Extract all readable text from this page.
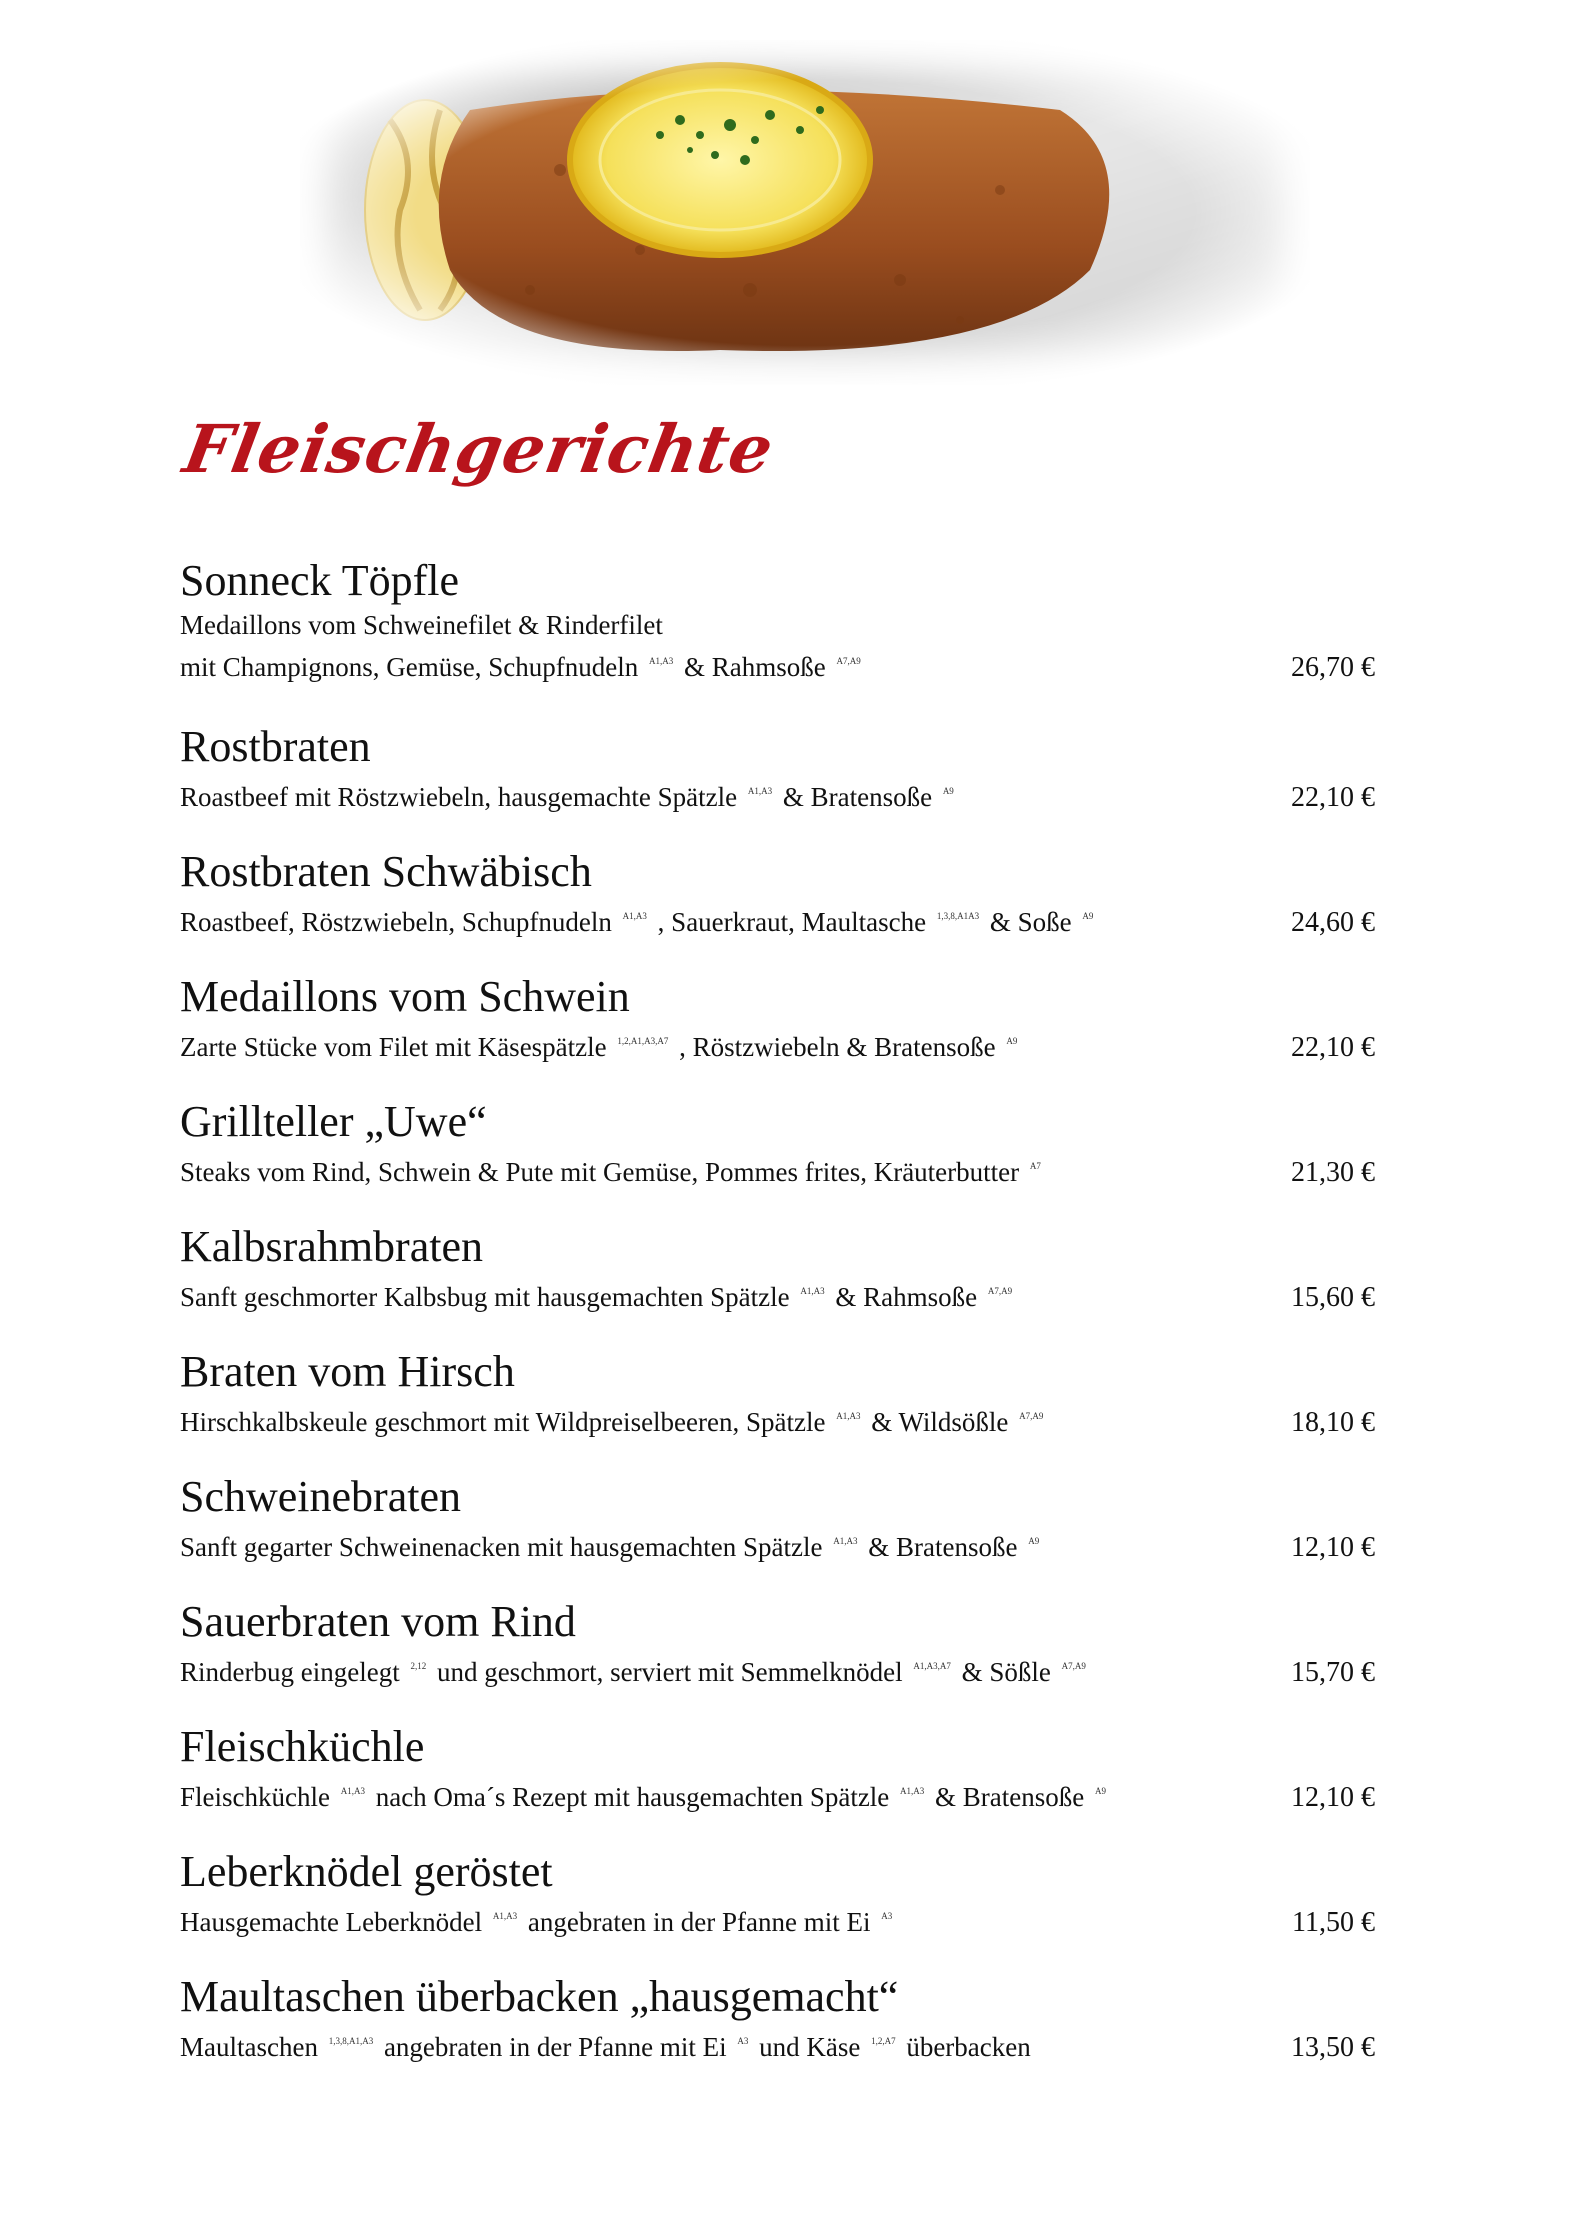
Fleischgerichte
Sonneck Töpfle
Medaillons vom Schweinefilet & Rinderfilet
mit Champignons, Gemüse, Schupfnudeln $^{A1,A3}$ & Rahmsoße $^{A7,A9}$	26,70 €
Rostbraten
Roastbeef mit Röstzwiebeln, hausgemachte Spätzle $^{A1,A3}$ & Bratensoße $^{A9}$	22,10 €
Rostbraten Schwäbisch
Roastbeef, Röstzwiebeln, Schupfnudeln $^{A1,A3}$ , Sauerkraut, Maultasche $^{1,3,8,A1A3}$ & Soße $^{A9}$	24,60 €
Medaillons vom Schwein
Zarte Stücke vom Filet mit Käsespätzle $^{1,2,A1,A3,A7}$ , Röstzwiebeln & Bratensoße $^{A9}$	22,10 €
Grillteller „Uwe“
Steaks vom Rind, Schwein & Pute mit Gemüse, Pommes frites, Kräuterbutter $^{A7}$	21,30 €
Kalbsrahmbraten
Sanft geschmorter Kalbsbug mit hausgemachten Spätzle $^{A1,A3}$ & Rahmsoße $^{A7,A9}$	15,60 €
Braten vom Hirsch
Hirschkalbskeule geschmort mit Wildpreiselbeeren, Spätzle $^{A1,A3}$ & Wildsößle $^{A7,A9}$	18,10 €
Schweinebraten
Sanft gegarter Schweinenacken mit hausgemachten Spätzle $^{A1,A3}$ & Bratensoße $^{A9}$	12,10 €
Sauerbraten vom Rind
Rinderbug eingelegt $^{2,12}$ und geschmort, serviert mit Semmelknödel $^{A1,A3,A7}$ & Sößle $^{A7,A9}$	15,70 €
Fleischküchle
Fleischküchle $^{A1,A3}$ nach Oma´s Rezept mit hausgemachten Spätzle $^{A1,A3}$ & Bratensoße $^{A9}$	12,10 €
Leberknödel geröstet
Hausgemachte Leberknödel $^{A1,A3}$ angebraten in der Pfanne mit Ei $^{A3}$	11,50 €
Maultaschen überbacken „hausgemacht“
Maultaschen $^{1,3,8,A1,A3}$ angebraten in der Pfanne mit Ei $^{A3}$ und Käse $^{1,2,A7}$ überbacken	13,50 €
